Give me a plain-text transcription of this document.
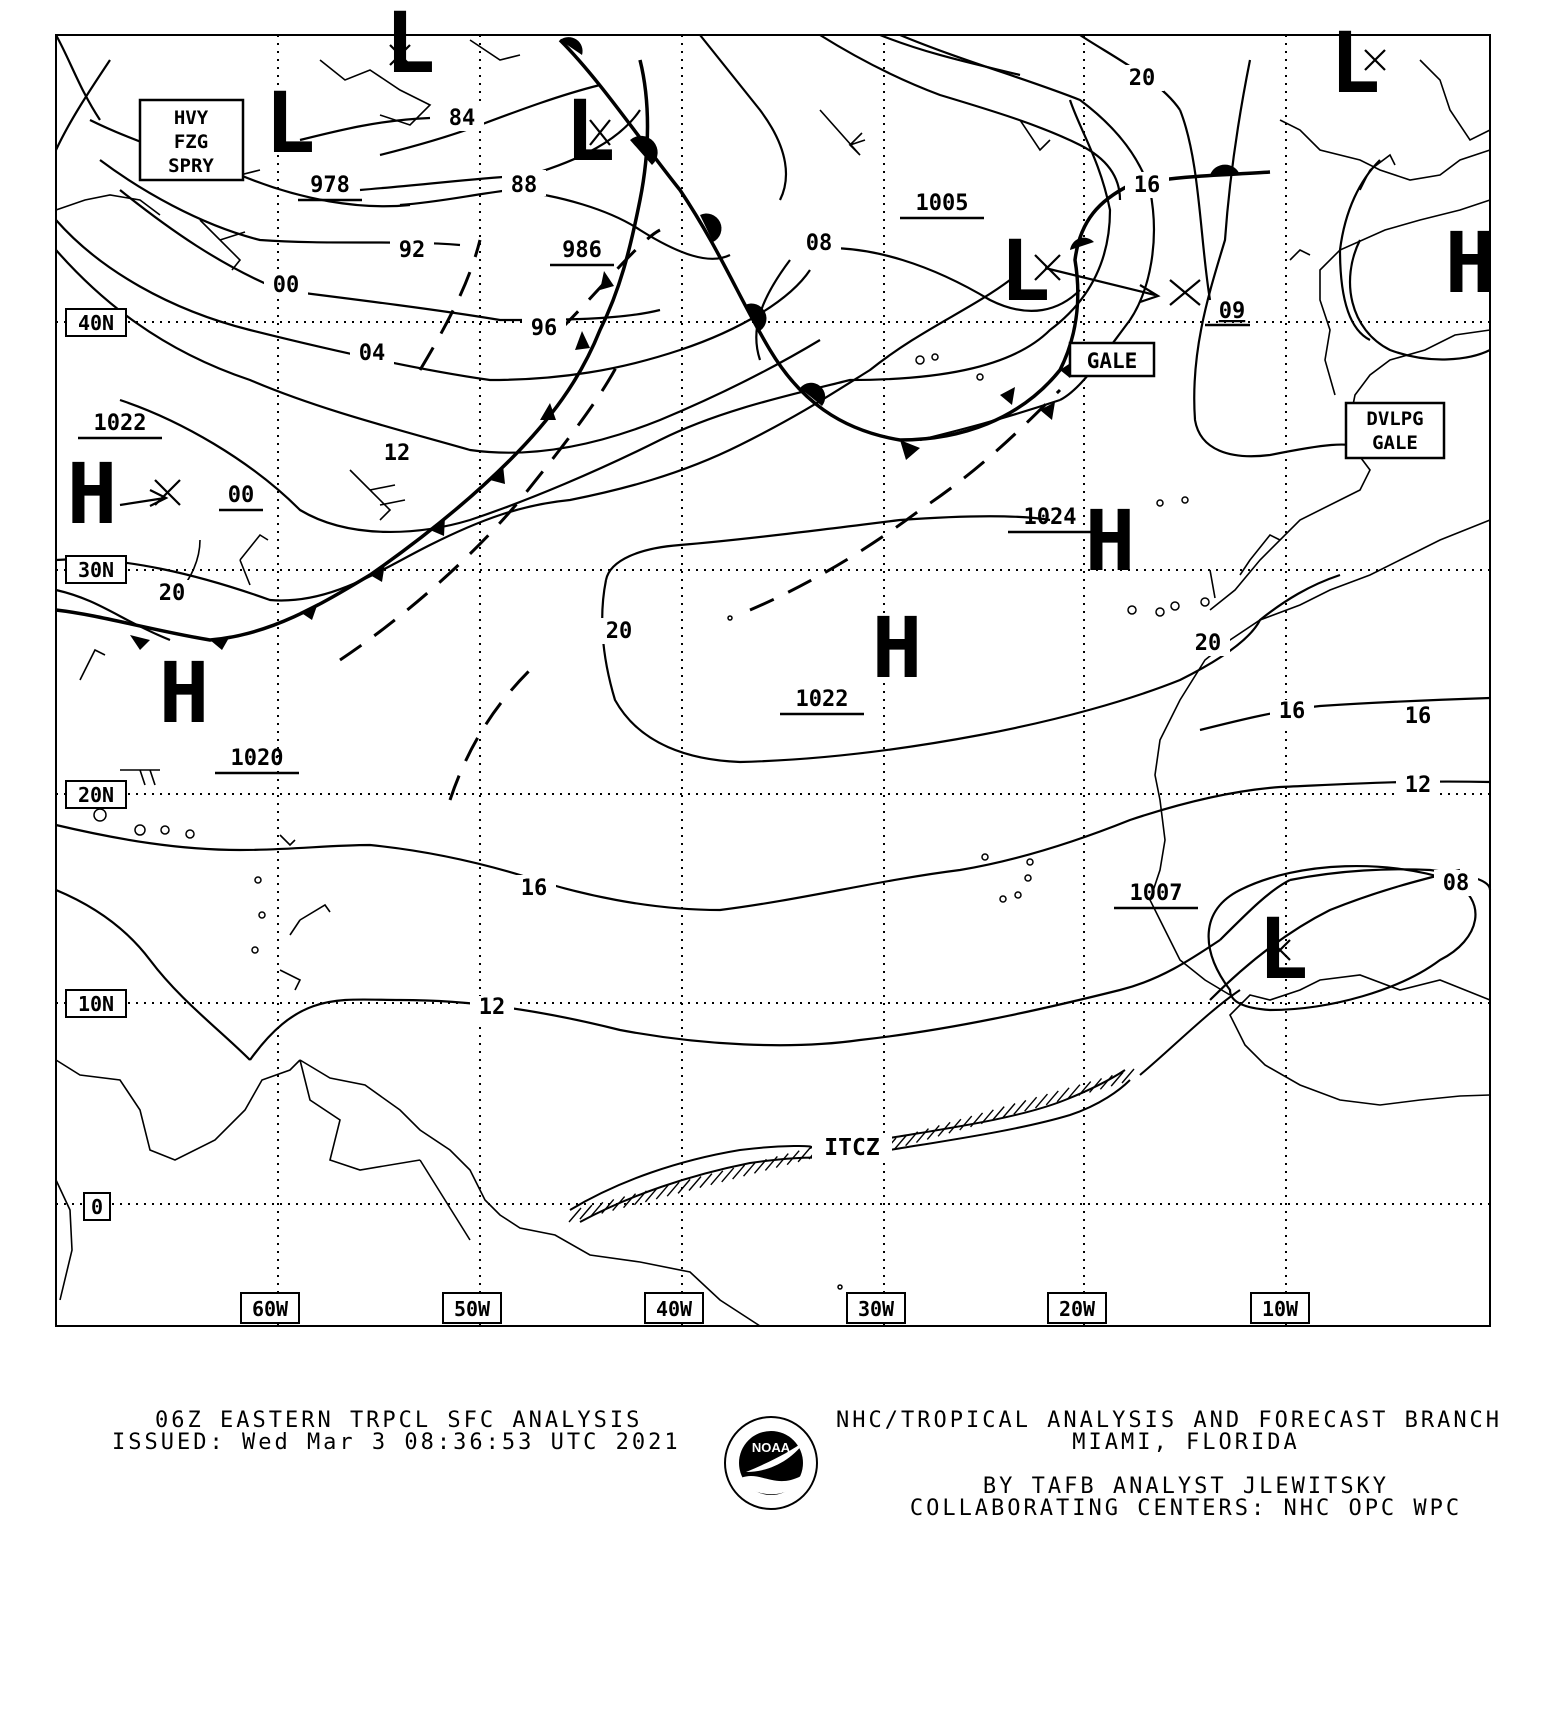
HVY
FZG
SPRY
GALE
DVLPG
GALE
40N
30N
20N
10N
0
60W	50W	40W	30W	20W	10W
84
88
92
96
00
04
08
12
16
20
20
16
12
08
09
20
16
20
16
12
978
986
1005
1022
1024
1022
1020
1007
00
H
H	H
H
H
L
L
L
L
L
L
ITCZ
NOAA
06Z EASTERN TRPCL SFC ANALYSIS
ISSUED: Wed Mar 3 08:36:53 UTC 2021
NHC/TROPICAL ANALYSIS AND FORECAST BRANCH
MIAMI, FLORIDA
BY TAFB ANALYST JLEWITSKY
COLLABORATING CENTERS: NHC OPC WPC
